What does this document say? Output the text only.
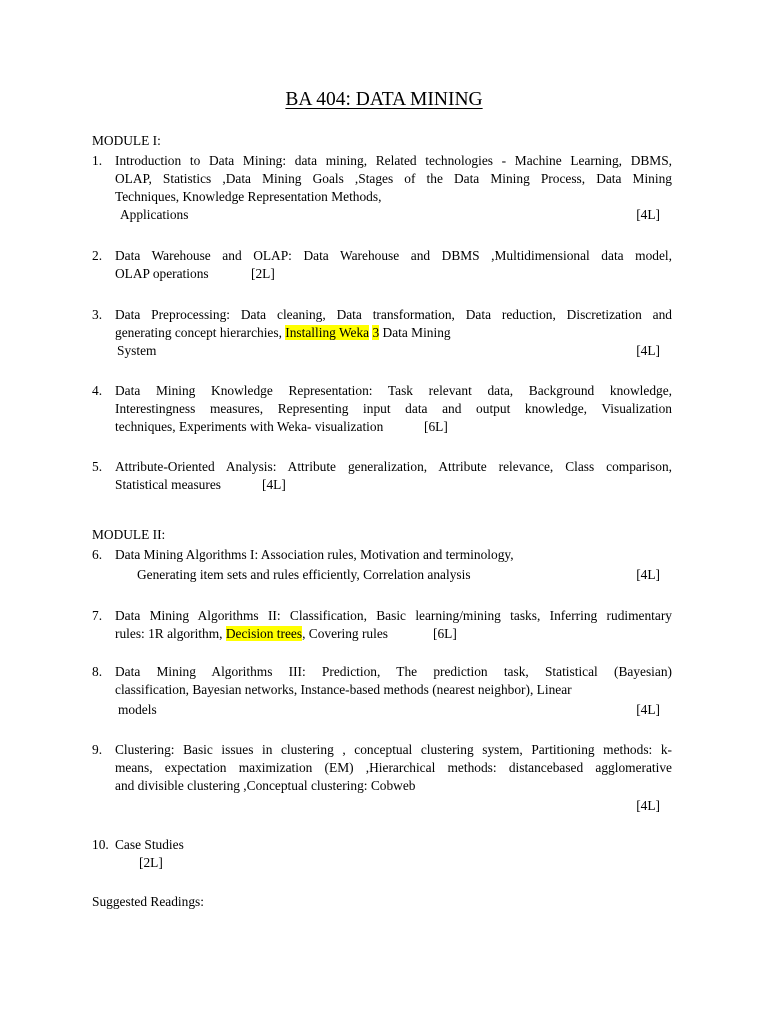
BA 404: DATA MINING
MODULE I:
1. Introduction to Data Mining: data mining, Related technologies - Machine Learning, DBMS,

OLAP, Statistics ,Data Mining Goals ,Stages of the Data Mining Process, Data Mining

Techniques, Knowledge Representation Methods,

Applications	[4L]
2. Data Warehouse and OLAP: Data Warehouse and DBMS ,Multidimensional data model,

OLAP operations	[2L]
3. Data Preprocessing: Data cleaning, Data transformation, Data reduction, Discretization and

generating concept hierarchies, Installing Weka 3 Data Mining

System	[4L]
4. Data Mining Knowledge Representation: Task relevant data, Background knowledge,

Interestingness measures, Representing input data and output knowledge, Visualization

techniques, Experiments with Weka- visualization	[6L]
5. Attribute-Oriented Analysis: Attribute generalization, Attribute relevance, Class comparison,

Statistical measures	[4L]
MODULE II:
6. Data Mining Algorithms I: Association rules, Motivation and terminology,

Generating item sets and rules efficiently, Correlation analysis	[4L]
7. Data Mining Algorithms II: Classification, Basic learning/mining tasks, Inferring rudimentary

rules: 1R algorithm, Decision trees, Covering rules	[6L]
8. Data Mining Algorithms III: Prediction, The prediction task, Statistical (Bayesian)

classification, Bayesian networks, Instance-based methods (nearest neighbor), Linear

models	[4L]
9. Clustering: Basic issues in clustering , conceptual clustering system, Partitioning methods: k-

means, expectation maximization (EM) ,Hierarchical methods: distancebased agglomerative

and divisible clustering ,Conceptual clustering: Cobweb

[4L]
10. Case Studies

[2L]
Suggested Readings:
